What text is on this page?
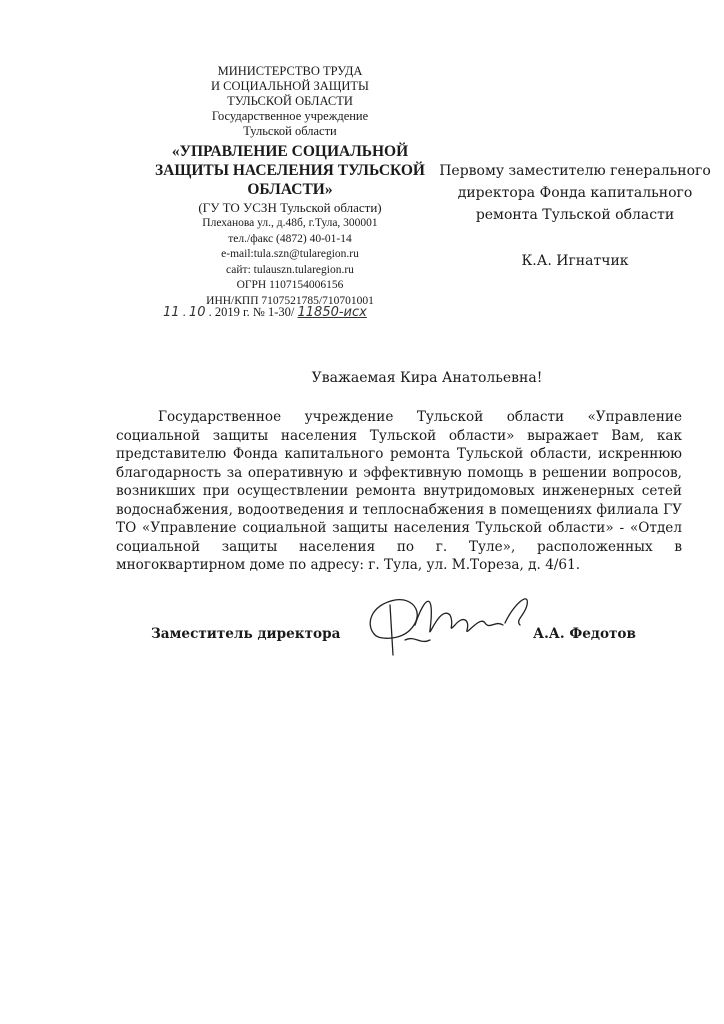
МИНИСТЕРСТВО ТРУДА
И СОЦИАЛЬНОЙ ЗАЩИТЫ
ТУЛЬСКОЙ ОБЛАСТИ
Государственное учреждение
Тульской области
«УПРАВЛЕНИЕ СОЦИАЛЬНОЙ
ЗАЩИТЫ НАСЕЛЕНИЯ ТУЛЬСКОЙ
ОБЛАСТИ»
(ГУ ТО УСЗН Тульской области)
Плеханова ул., д.48б, г.Тула, 300001
тел./факс (4872) 40-01-14
e-mail:tula.szn@tularegion.ru
сайт: tulauszn.tularegion.ru
ОГРН 1107154006156
ИНН/КПП 7107521785/710701001
11 . 10 . 2019 г. № 1-30/ 11850-исх
Первому заместителю генерального
директора Фонда капитального
ремонта Тульской области
К.А. Игнатчик
Уважаемая Кира Анатольевна!
Государственное учреждение Тульской области «Управление социальной защиты населения Тульской области» выражает Вам, как представителю Фонда капитального ремонта Тульской области, искреннюю благодарность за оперативную и эффективную помощь в решении вопросов, возникших при осуществлении ремонта внутридомовых инженерных сетей водоснабжения, водоотведения и теплоснабжения в помещениях филиала ГУ ТО «Управление социальной защиты населения Тульской области» - «Отдел социальной защиты населения по г. Туле», расположенных в многоквартирном доме по адресу: г. Тула, ул. М.Тореза, д. 4/61.
Заместитель директора	А.А. Федотов
